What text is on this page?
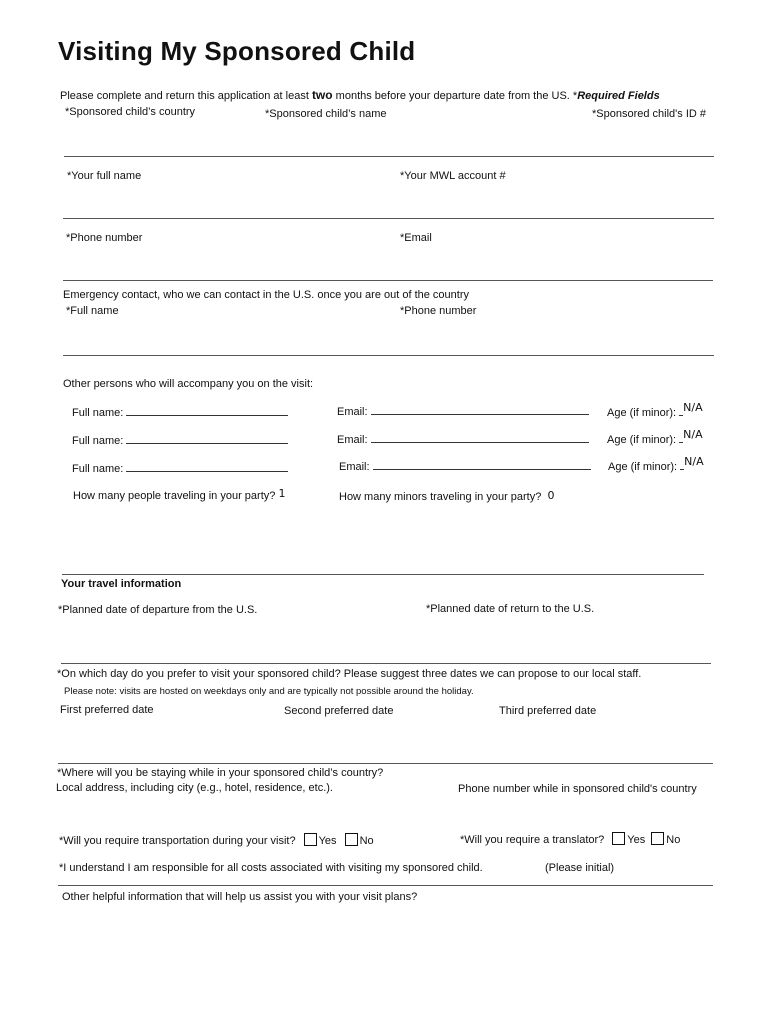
Visiting My Sponsored Child
Please complete and return this application at least two months before your departure date from the US. *Required Fields
*Sponsored child’s country	*Sponsored child’s name	*Sponsored child's ID #
*Your full name	*Your MWL account #
*Phone number	*Email
Emergency contact, who we can contact in the U.S. once you are out of the country
*Full name	*Phone number
Other persons who will accompany you on the visit:
Full name:	Email:	Age (if minor): N/A
Full name:	Email:	Age (if minor): N/A
Full name:	Email:	Age (if minor): N/A
How many people traveling in your party? 1	How many minors traveling in your party? 0
Your travel information
*Planned date of departure from the U.S.	*Planned date of return to the U.S.
*On which day do you prefer to visit your sponsored child? Please suggest three dates we can propose to our local staff.
Please note: visits are hosted on weekdays only and are typically not possible around the holiday.
First preferred date	Second preferred date	Third preferred date
*Where will you be staying while in your sponsored child’s country?
Local address, including city (e.g., hotel, residence, etc.).	Phone number while in sponsored child's country
*Will you require transportation during your visit? Yes No	*Will you require a translator? Yes No
*I understand I am responsible for all costs associated with visiting my sponsored child.	(Please initial)
Other helpful information that will help us assist you with your visit plans?
